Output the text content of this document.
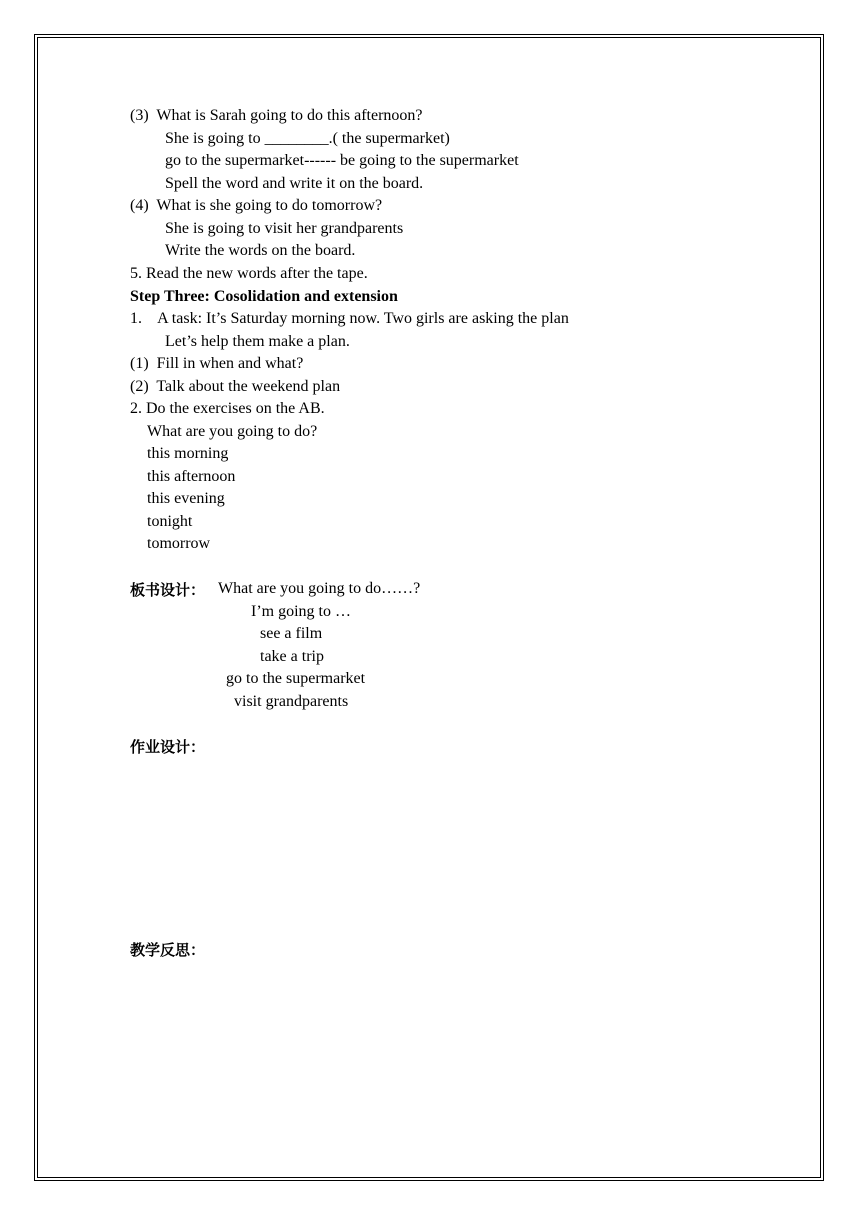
(3)  What is Sarah going to do this afternoon?
She is going to ________.( the supermarket)
go to the supermarket------ be going to the supermarket
Spell the word and write it on the board.
(4)  What is she going to do tomorrow?
She is going to visit her grandparents
Write the words on the board.
5. Read the new words after the tape.
Step Three: Cosolidation and extension
1.    A task: It’s Saturday morning now. Two girls are asking the plan
Let’s help them make a plan.
(1)  Fill in when and what?
(2)  Talk about the weekend plan
2. Do the exercises on the AB.
What are you going to do?
this morning
this afternoon
this evening
tonight
tomorrow
板书设计： What are you going to do……?
I’m going to …
see a film
take a trip
go to the supermarket
visit grandparents
作业设计：
教学反思：
